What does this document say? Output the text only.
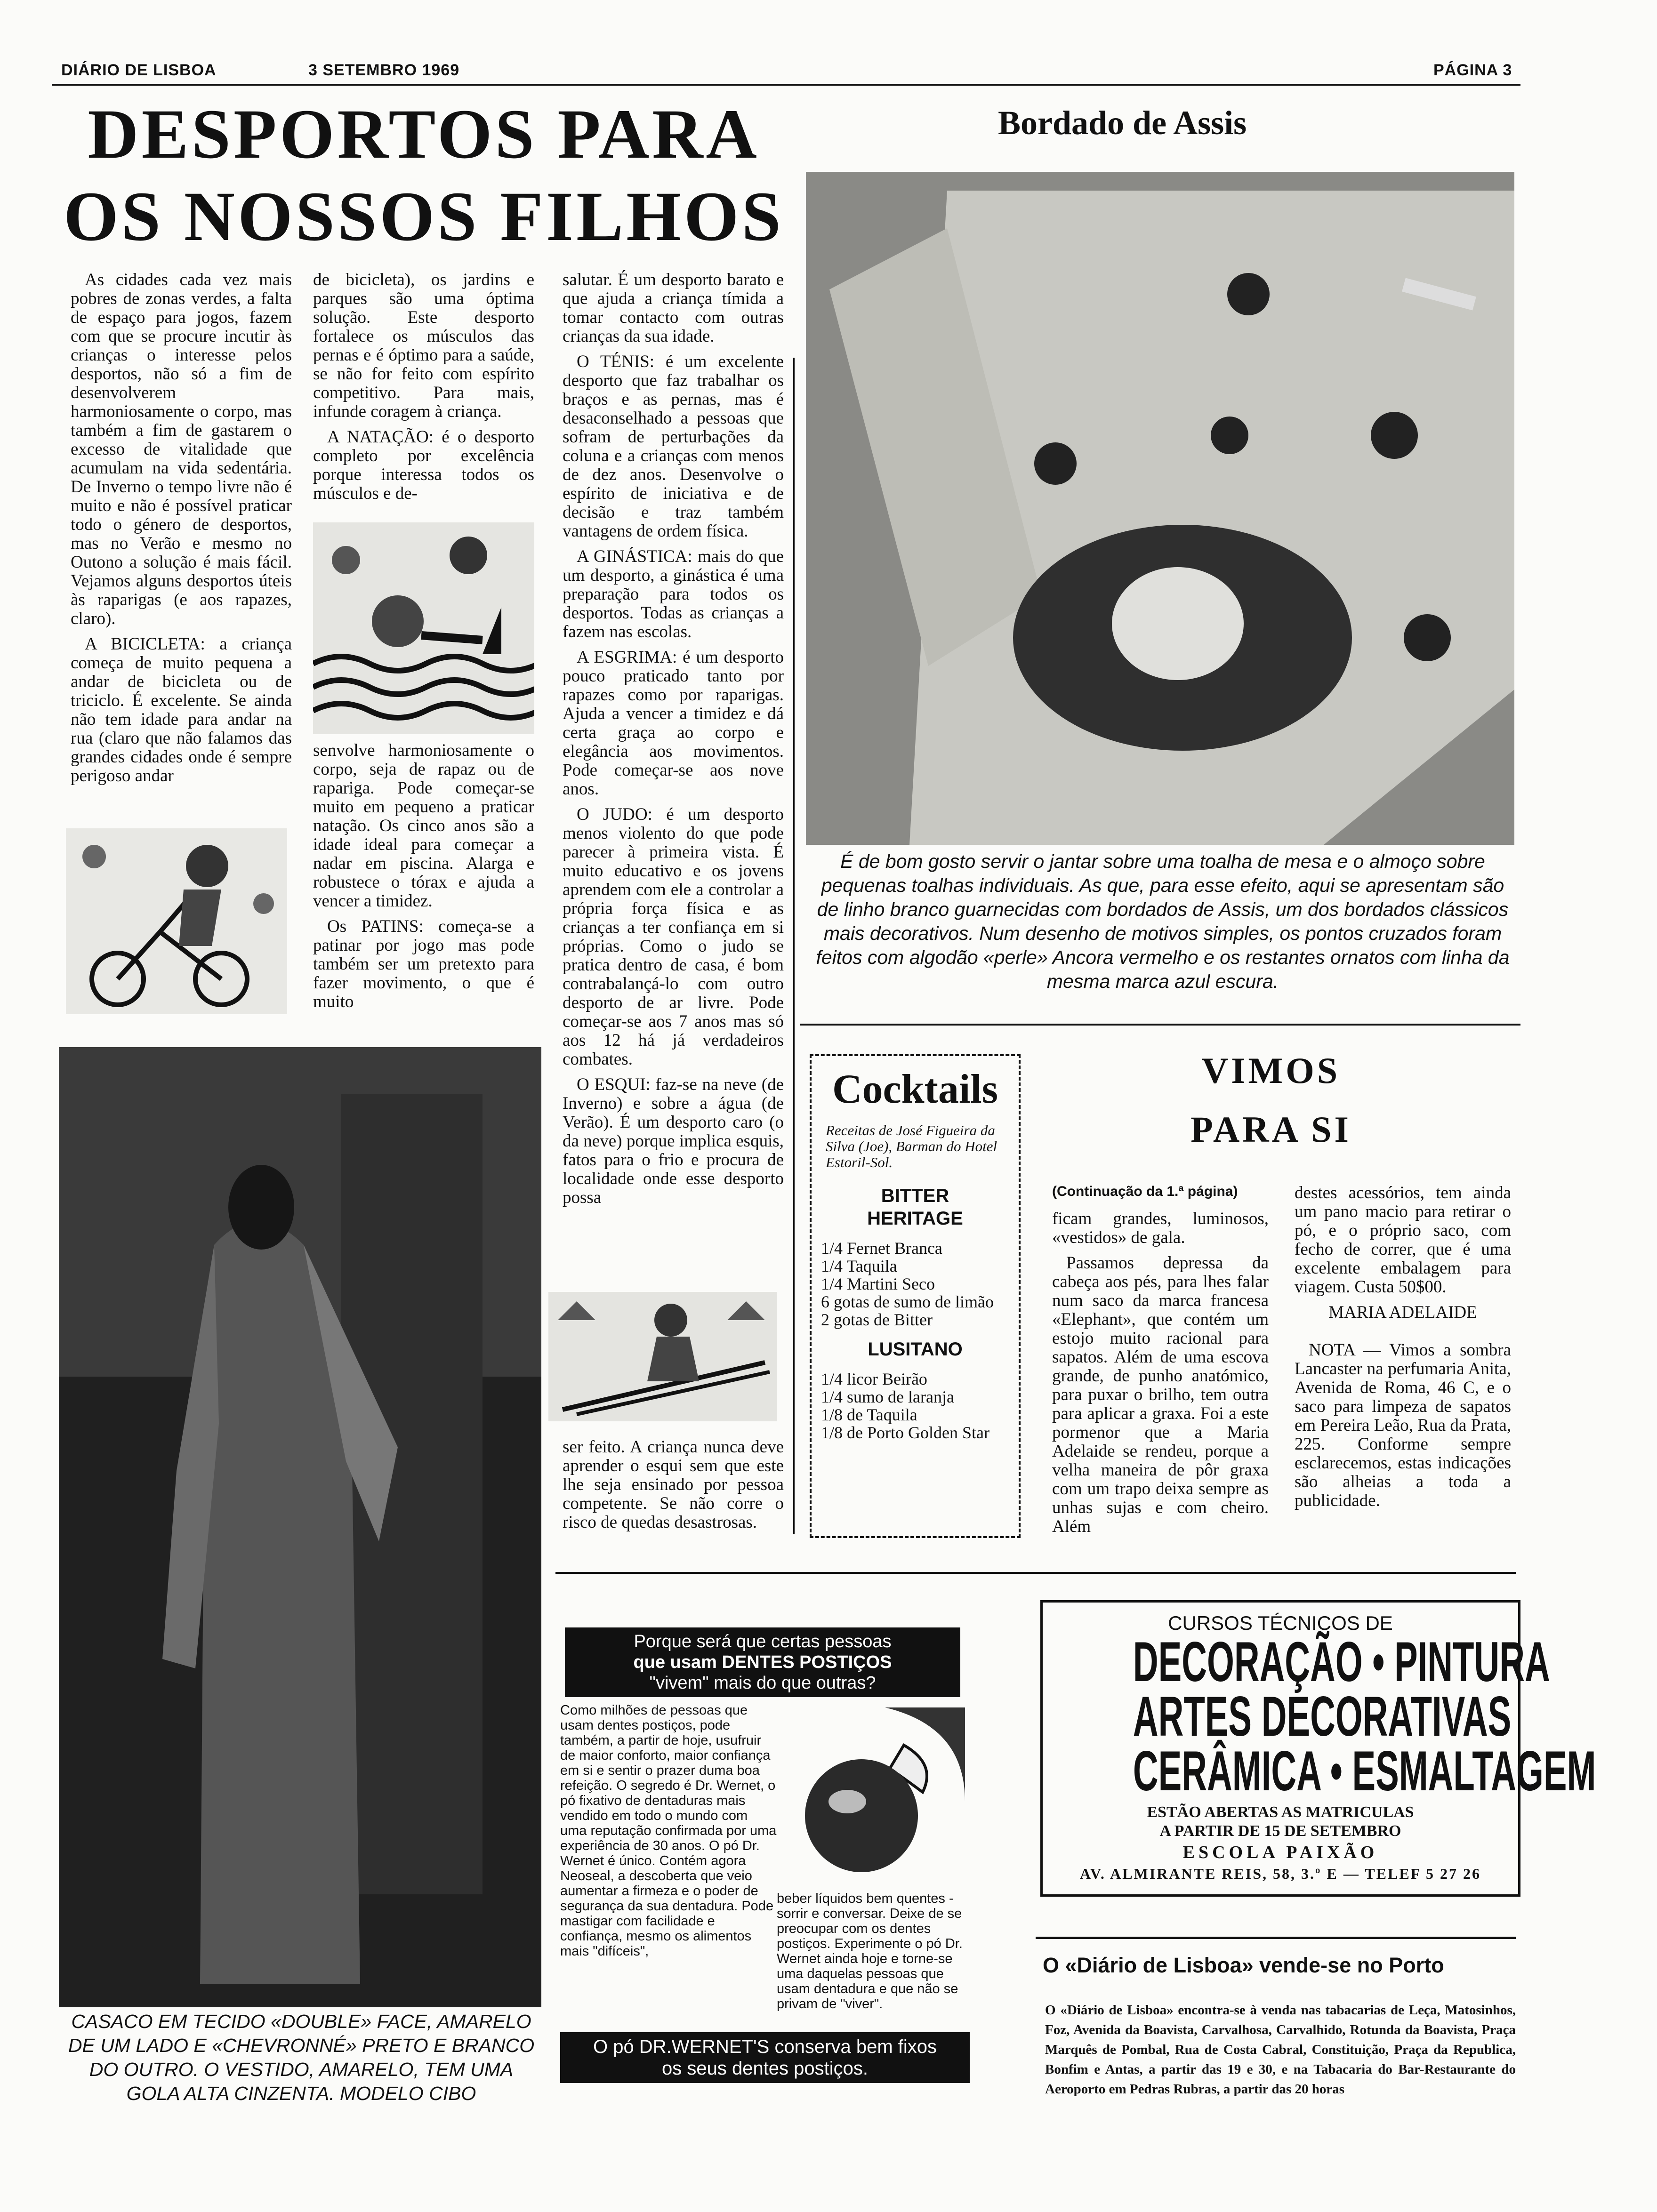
DIÁRIO DE LISBOA	3 SETEMBRO 1969	PÁGINA 3
DESPORTOS PARA
OS NOSSOS FILHOS

As cidades cada vez mais pobres de zonas verdes, a falta de espaço para jogos, fazem com que se procure incutir às crianças o interesse pelos desportos, não só a fim de desenvolverem harmoniosamente o corpo, mas também a fim de gastarem o excesso de vitalidade que acumulam na vida sedentária. De Inverno o tempo livre não é muito e não é possível praticar todo o género de desportos, mas no Verão e mesmo no Outono a solução é mais fácil. Vejamos alguns desportos úteis às raparigas (e aos rapazes, claro).

A BICICLETA: a criança começa de muito pequena a andar de bicicleta ou de triciclo. É excelente. Se ainda não tem idade para andar na rua (claro que não falamos das grandes cidades onde é sempre perigoso andar

de bicicleta), os jardins e parques são uma óptima solução. Este desporto fortalece os músculos das pernas e é óptimo para a saúde, se não for feito com espírito competitivo. Para mais, infunde coragem à criança.

A NATAÇÃO: é o desporto completo por excelência porque interessa todos os músculos e de-

senvolve harmoniosamente o corpo, seja de rapaz ou de rapariga. Pode começar-se muito em pequeno a praticar natação. Os cinco anos são a idade ideal para começar a nadar em piscina. Alarga e robustece o tórax e ajuda a vencer a timidez.

Os PATINS: começa-se a patinar por jogo mas pode também ser um pretexto para fazer movimento, o que é muito

salutar. É um desporto barato e que ajuda a criança tímida a tomar contacto com outras crianças da sua idade.

O TÉNIS: é um excelente desporto que faz trabalhar os braços e as pernas, mas é desaconselhado a pessoas que sofram de perturbações da coluna e a crianças com menos de dez anos. Desenvolve o espírito de iniciativa e de decisão e traz também vantagens de ordem física.

A GINÁSTICA: mais do que um desporto, a ginástica é uma preparação para todos os desportos. Todas as crianças a fazem nas escolas.

A ESGRIMA: é um desporto pouco praticado tanto por rapazes como por raparigas. Ajuda a vencer a timidez e dá certa graça ao corpo e elegância aos movimentos. Pode começar-se aos nove anos.

O JUDO: é um desporto menos violento do que pode parecer à primeira vista. É muito educativo e os jovens aprendem com ele a controlar a própria força física e as crianças a ter confiança em si próprias. Como o judo se pratica dentro de casa, é bom contrabalançá-lo com outro desporto de ar livre. Pode começar-se aos 7 anos mas só aos 12 há já verdadeiros combates.

O ESQUI: faz-se na neve (de Inverno) e sobre a água (de Verão). É um desporto caro (o da neve) porque implica esquis, fatos para o frio e procura de localidade onde esse desporto possa

ser feito. A criança nunca deve aprender o esqui sem que este lhe seja ensinado por pessoa competente. Se não corre o risco de quedas desastrosas.

CASACO EM TECIDO «DOUBLE» FACE, AMARELO DE UM LADO E «CHEVRONNÉ» PRETO E BRANCO DO OUTRO. O VESTIDO, AMARELO, TEM UMA GOLA ALTA CINZENTA. MODELO CIBO
Bordado de Assis
É de bom gosto servir o jantar sobre uma toalha de mesa e o almoço sobre pequenas toalhas individuais. As que, para esse efeito, aqui se apresentam são de linho branco guarnecidas com bordados de Assis, um dos bordados clássicos mais decorativos. Num desenho de motivos simples, os pontos cruzados foram feitos com algodão «perle» Ancora vermelho e os restantes ornatos com linha da mesma marca azul escura.
Cocktails
Receitas de José Figueira da Silva (Joe), Barman do Hotel Estoril-Sol.
BITTER
HERITAGE
1/4 Fernet Branca
1/4 Taquila
1/4 Martini Seco
6 gotas de sumo de limão
2 gotas de Bitter
LUSITANO
1/4 licor Beirão
1/4 sumo de laranja
1/8 de Taquila
1/8 de Porto Golden Star
VIMOS
PARA SI
(Continuação da 1.ª página)

ficam grandes, luminosos, «vestidos» de gala.

Passamos depressa da cabeça aos pés, para lhes falar num saco da marca francesa «Elephant», que contém um estojo muito racional para sapatos. Além de uma escova grande, de punho anatómico, para puxar o brilho, tem outra para aplicar a graxa. Foi a este pormenor que a Maria Adelaide se rendeu, porque a velha maneira de pôr graxa com um trapo deixa sempre as unhas sujas e com cheiro. Além

destes acessórios, tem ainda um pano macio para retirar o pó, e o próprio saco, com fecho de correr, que é uma excelente embalagem para viagem. Custa 50$00.

MARIA ADELAIDE

NOTA — Vimos a sombra Lancaster na perfumaria Anita, Avenida de Roma, 46 C, e o saco para limpeza de sapatos em Pereira Leão, Rua da Prata, 225. Conforme sempre esclarecemos, estas indicações são alheias a toda a publicidade.

Porque será que certas pessoas
que usam DENTES POSTIÇOS
"vivem" mais do que outras?
Como milhões de pessoas que usam dentes postiços, pode também, a partir de hoje, usufruir de maior conforto, maior confiança em si e sentir o prazer duma boa refeição. O segredo é Dr. Wernet, o pó fixativo de dentaduras mais vendido em todo o mundo com uma reputação confirmada por uma experiência de 30 anos. O pó Dr. Wernet é único. Contém agora Neoseal, a descoberta que veio aumentar a firmeza e o poder de segurança da sua dentadura. Pode mastigar com facilidade e confiança, mesmo os alimentos mais "difíceis",
beber líquidos bem quentes - sorrir e conversar. Deixe de se preocupar com os dentes postiços. Experimente o pó Dr. Wernet ainda hoje e torne-se uma daquelas pessoas que usam dentadura e que não se privam de "viver".
O pó DR.WERNET'S conserva bem fixos
os seus dentes postiços.
CURSOS TÉCNICOS DE
DECORAÇÃO • PINTURA
ARTES DECORATIVAS
CERÂMICA • ESMALTAGEM
ESTÃO ABERTAS AS MATRICULAS
A PARTIR DE 15 DE SETEMBRO
ESCOLA PAIXÃO
AV. ALMIRANTE REIS, 58, 3.º E — TELEF 5 27 26
O «Diário de Lisboa» vende-se no Porto
O «Diário de Lisboa» encontra-se à venda nas tabacarias de Leça, Matosinhos, Foz, Avenida da Boavista, Carvalhosa, Carvalhido, Rotunda da Boavista, Praça Marquês de Pombal, Rua de Costa Cabral, Constituição, Praça da Republica, Bonfim e Antas, a partir das 19 e 30, e na Tabacaria do Bar-Restaurante do Aeroporto em Pedras Rubras, a partir das 20 horas
